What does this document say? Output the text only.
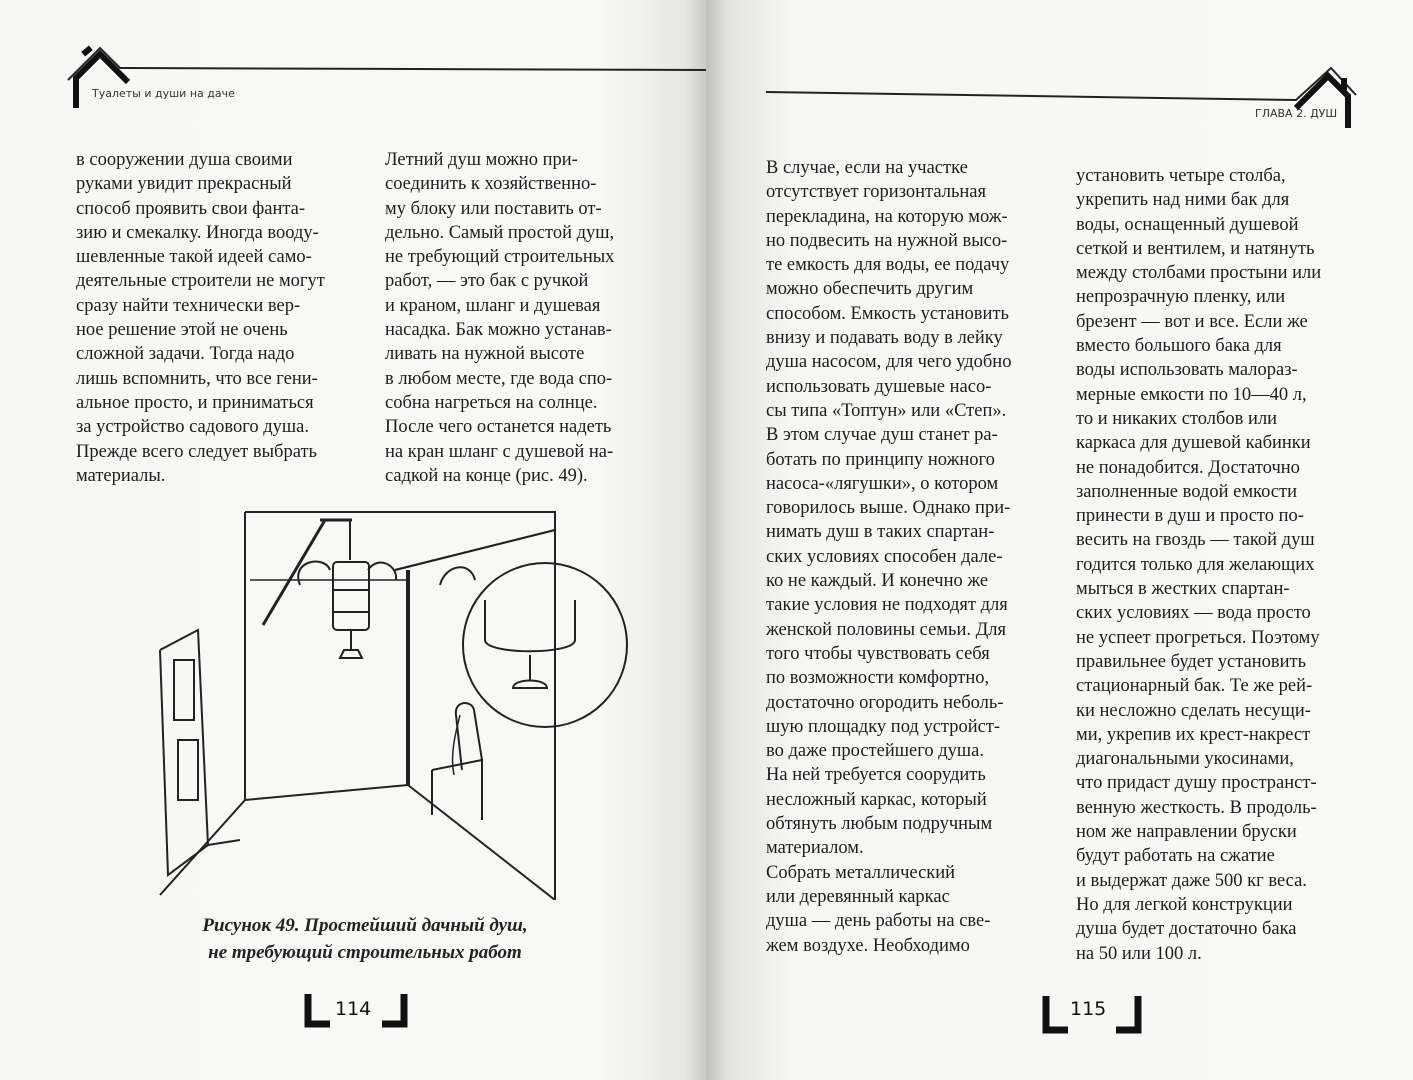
Туалеты и души на даче
в сооружении душа своими
руками увидит прекрасный
способ проявить свои фанта-
зию и смекалку. Иногда вооду-
шевленные такой идеей само-
деятельные строители не могут
сразу найти технически вер-
ное решение этой не очень
сложной задачи. Тогда надо
лишь вспомнить, что все гени-
альное просто, и приниматься
за устройство садового душа.
Прежде всего следует выбрать
материалы.
Летний душ можно при-
соединить к хозяйственно-
му блоку или поставить от-
дельно. Самый простой душ,
не требующий строительных
работ, — это бак с ручкой
и краном, шланг и душевая
насадка. Бак можно устанав-
ливать на нужной высоте
в любом месте, где вода спо-
собна нагреться на солнце.
После чего останется надеть
на кран шланг с душевой на-
садкой на конце (рис. 49).
Рисунок 49. Простейший дачный душ,
не требующий строительных работ
114
ГЛАВА 2. ДУШ
В случае, если на участке
отсутствует горизонтальная
перекладина, на которую мож-
но подвесить на нужной высо-
те емкость для воды, ее подачу
можно обеспечить другим
способом. Емкость установить
внизу и подавать воду в лейку
душа насосом, для чего удобно
использовать душевые насо-
сы типа «Топтун» или «Степ».
В этом случае душ станет ра-
ботать по принципу ножного
насоса-«лягушки», о котором
говорилось выше. Однако при-
нимать душ в таких спартан-
ских условиях способен дале-
ко не каждый. И конечно же
такие условия не подходят для
женской половины семьи. Для
того чтобы чувствовать себя
по возможности комфортно,
достаточно огородить неболь-
шую площадку под устройст-
во даже простейшего душа.
На ней требуется соорудить
несложный каркас, который
обтянуть любым подручным
материалом.
Собрать металлический
или деревянный каркас
душа — день работы на све-
жем воздухе. Необходимо
установить четыре столба,
укрепить над ними бак для
воды, оснащенный душевой
сеткой и вентилем, и натянуть
между столбами простыни или
непрозрачную пленку, или
брезент — вот и все. Если же
вместо большого бака для
воды использовать малораз-
мерные емкости по 10—40 л,
то и никаких столбов или
каркаса для душевой кабинки
не понадобится. Достаточно
заполненные водой емкости
принести в душ и просто по-
весить на гвоздь — такой душ
годится только для желающих
мыться в жестких спартан-
ских условиях — вода просто
не успеет прогреться. Поэтому
правильнее будет установить
стационарный бак. Те же рей-
ки несложно сделать несущи-
ми, укрепив их крест-накрест
диагональными укосинами,
что придаст душу пространст-
венную жесткость. В продоль-
ном же направлении бруски
будут работать на сжатие
и выдержат даже 500 кг веса.
Но для легкой конструкции
душа будет достаточно бака
на 50 или 100 л.
115
